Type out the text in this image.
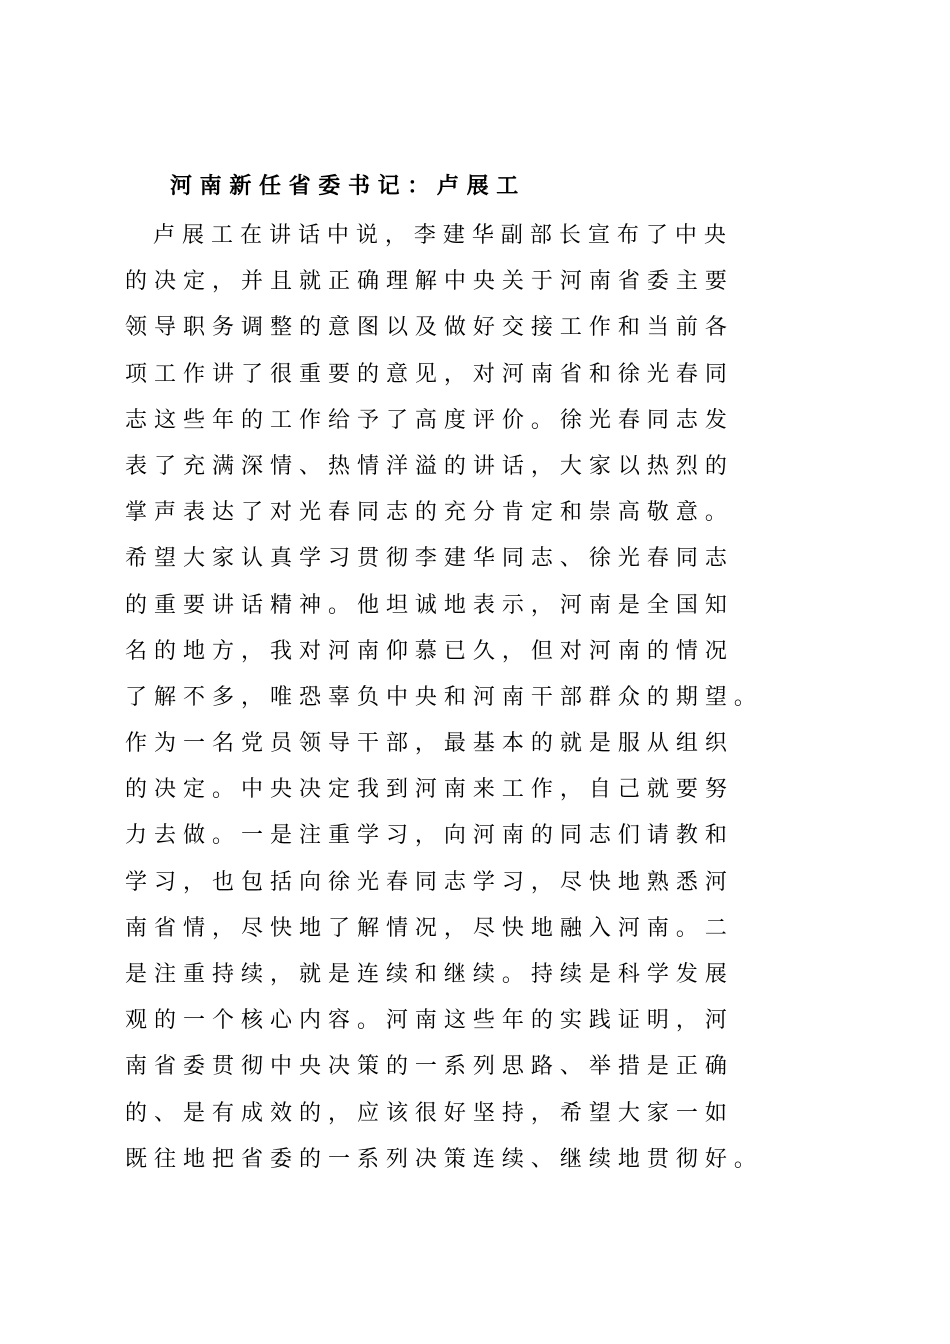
河 南 新 任 省 委 书 记 ： 卢 展 工
卢 展 工 在 讲 话 中 说 ， 李 建 华 副 部 长 宣 布 了 中 央
的 决 定 ， 并 且 就 正 确 理 解 中 央 关 于 河 南 省 委 主 要
领 导 职 务 调 整 的 意 图 以 及 做 好 交 接 工 作 和 当 前 各
项 工 作 讲 了 很 重 要 的 意 见 ， 对 河 南 省 和 徐 光 春 同
志 这 些 年 的 工 作 给 予 了 高 度 评 价 。 徐 光 春 同 志 发
表 了 充 满 深 情 、 热 情 洋 溢 的 讲 话 ， 大 家 以 热 烈 的
掌 声 表 达 了 对 光 春 同 志 的 充 分 肯 定 和 崇 高 敬 意 。
希 望 大 家 认 真 学 习 贯 彻 李 建 华 同 志 、 徐 光 春 同 志
的 重 要 讲 话 精 神 。 他 坦 诚 地 表 示 ， 河 南 是 全 国 知
名 的 地 方 ， 我 对 河 南 仰 慕 已 久 ， 但 对 河 南 的 情 况
了 解 不 多 ， 唯 恐 辜 负 中 央 和 河 南 干 部 群 众 的 期 望 。
作 为 一 名 党 员 领 导 干 部 ， 最 基 本 的 就 是 服 从 组 织
的 决 定 。 中 央 决 定 我 到 河 南 来 工 作 ， 自 己 就 要 努
力 去 做 。 一 是 注 重 学 习 ， 向 河 南 的 同 志 们 请 教 和
学 习 ， 也 包 括 向 徐 光 春 同 志 学 习 ， 尽 快 地 熟 悉 河
南 省 情 ， 尽 快 地 了 解 情 况 ， 尽 快 地 融 入 河 南 。 二
是 注 重 持 续 ， 就 是 连 续 和 继 续 。 持 续 是 科 学 发 展
观 的 一 个 核 心 内 容 。 河 南 这 些 年 的 实 践 证 明 ， 河
南 省 委 贯 彻 中 央 决 策 的 一 系 列 思 路 、 举 措 是 正 确
的 、 是 有 成 效 的 ， 应 该 很 好 坚 持 ， 希 望 大 家 一 如
既 往 地 把 省 委 的 一 系 列 决 策 连 续 、 继 续 地 贯 彻 好 。
